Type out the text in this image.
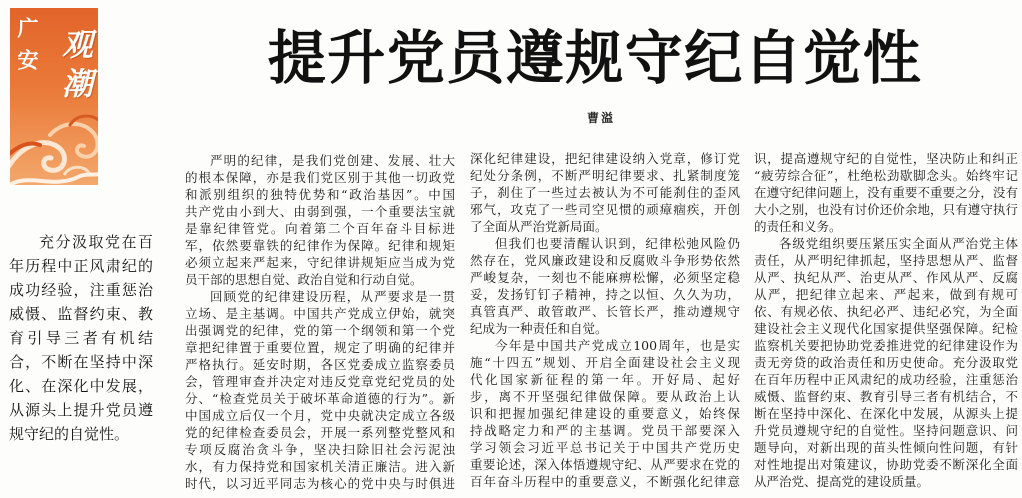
广安 观潮	提升党员遵规守纪自觉性
曹溢
充分汲取党在百
年历程中正风肃纪的
成功经验，注重惩治
威慑、监督约束、教
育引导三者有机结
合，不断在坚持中深
化、在深化中发展，
从源头上提升党员遵
规守纪的自觉性。
严明的纪律，是我们党创建、发展、壮大
的根本保障，亦是我们党区别于其他一切政党
和派别组织的独特优势和“政治基因”。中国
共产党由小到大、由弱到强，一个重要法宝就
是靠纪律管党。向着第二个百年奋斗目标进
军，依然要靠铁的纪律作为保障。纪律和规矩
必须立起来严起来，守纪律讲规矩应当成为党
员干部的思想自觉、政治自觉和行动自觉。
回顾党的纪律建设历程，从严要求是一贯
立场、是主基调。中国共产党成立伊始，就突
出强调党的纪律，党的第一个纲领和第一个党
章把纪律置于重要位置，规定了明确的纪律并
严格执行。延安时期，各区党委成立监察委员
会，管理审查并决定对违反党章党纪党员的处
分、“检查党员关于破坏革命道德的行为”。新
中国成立后仅一个月，党中央就决定成立各级
党的纪律检查委员会，开展一系列整党整风和
专项反腐治贪斗争，坚决扫除旧社会污泥浊
水，有力保持党和国家机关清正廉洁。进入新
时代，以习近平同志为核心的党中央与时俱进
深化纪律建设，把纪律建设纳入党章，修订党
纪处分条例，不断严明纪律要求、扎紧制度笼
子，刹住了一些过去被认为不可能刹住的歪风
邪气，攻克了一些司空见惯的顽瘴痼疾，开创
了全面从严治党新局面。
但我们也要清醒认识到，纪律松弛风险仍
然存在，党风廉政建设和反腐败斗争形势依然
严峻复杂，一刻也不能麻痹松懈，必须坚定稳
妥，发扬钉钉子精神，持之以恒、久久为功，
真管真严、敢管敢严、长管长严，推动遵规守
纪成为一种责任和自觉。
今年是中国共产党成立100周年，也是实
施“十四五”规划、开启全面建设社会主义现
代化国家新征程的第一年。开好局、起好
步，离不开坚强纪律做保障。要从政治上认
识和把握加强纪律建设的重要意义，始终保
持战略定力和严的主基调。党员干部要深入
学习领会习近平总书记关于中国共产党历史
重要论述，深入体悟遵规守纪、从严要求在党的
百年奋斗历程中的重要意义，不断强化纪律意
识，提高遵规守纪的自觉性，坚决防止和纠正
“疲劳综合征”，杜绝松劲歇脚念头。始终牢记
在遵守纪律问题上，没有重要不重要之分，没有
大小之别，也没有讨价还价余地，只有遵守执行
的责任和义务。
各级党组织要压紧压实全面从严治党主体
责任，从严明纪律抓起，坚持思想从严、监督
从严、执纪从严、治吏从严、作风从严、反腐
从严，把纪律立起来、严起来，做到有规可
依、有规必依、执纪必严、违纪必究，为全面
建设社会主义现代化国家提供坚强保障。纪检
监察机关要把协助党委推进党的纪律建设作为
责无旁贷的政治责任和历史使命。充分汲取党
在百年历程中正风肃纪的成功经验，注重惩治
威慑、监督约束、教育引导三者有机结合，不
断在坚持中深化、在深化中发展，从源头上提
升党员遵规守纪的自觉性。坚持问题意识、问
题导向，对新出现的苗头性倾向性问题，有针
对性地提出对策建议，协助党委不断深化全面
从严治党、提高党的建设质量。
